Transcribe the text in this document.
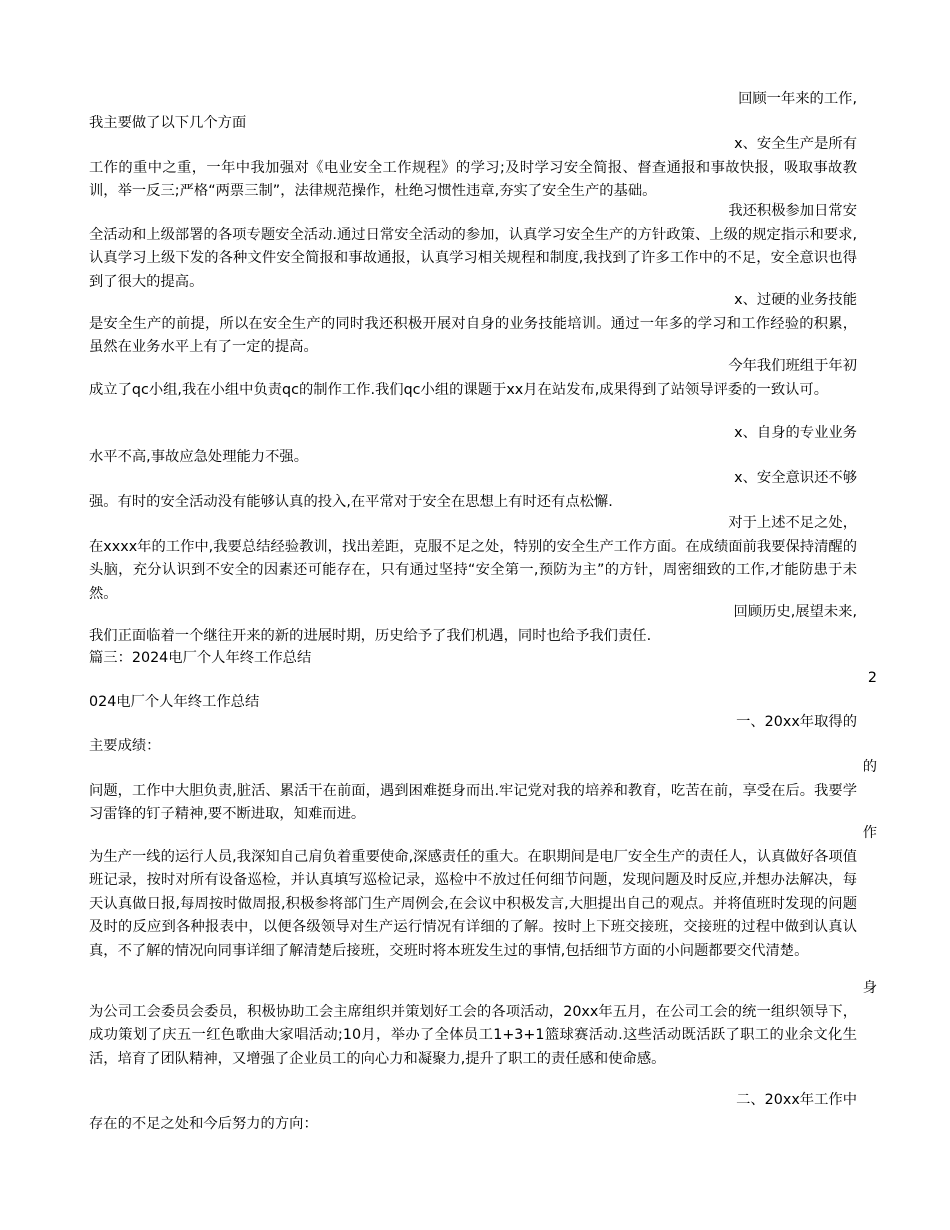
回顾一年来的工作,
我主要做了以下几个方面
x、安全生产是所有
工作的重中之重，一年中我加强对《电业安全工作规程》的学习;及时学习安全简报、督查通报和事故快报，吸取事故教训，举一反三;严格“两票三制”，法律规范操作，杜绝习惯性违章,夯实了安全生产的基础。
我还积极参加日常安
全活动和上级部署的各项专题安全活动.通过日常安全活动的参加，认真学习安全生产的方针政策、上级的规定指示和要求,认真学习上级下发的各种文件安全简报和事故通报，认真学习相关规程和制度,我找到了许多工作中的不足，安全意识也得到了很大的提高。
x、过硬的业务技能
是安全生产的前提，所以在安全生产的同时我还积极开展对自身的业务技能培训。通过一年多的学习和工作经验的积累，虽然在业务水平上有了一定的提高。
今年我们班组于年初
成立了qc小组,我在小组中负责qc的制作工作.我们qc小组的课题于xx月在站发布,成果得到了站领导评委的一致认可。
x、自身的专业业务
水平不高,事故应急处理能力不强。
x、安全意识还不够
强。有时的安全活动没有能够认真的投入,在平常对于安全在思想上有时还有点松懈.
对于上述不足之处，
在xxxx年的工作中,我要总结经验教训，找出差距，克服不足之处，特别的安全生产工作方面。在成绩面前我要保持清醒的头脑，充分认识到不安全的因素还可能存在，只有通过坚持“安全第一,预防为主”的方针，周密细致的工作,才能防患于未然。
回顾历史,展望未来,
我们正面临着一个继往开来的新的进展时期，历史给予了我们机遇，同时也给予我们责任.
篇三：2024电厂个人年终工作总结
2
024电厂个人年终工作总结
一、20xx年取得的
主要成绩：
的
问题，工作中大胆负责,脏活、累活干在前面，遇到困难挺身而出.牢记党对我的培养和教育，吃苦在前，享受在后。我要学习雷锋的钉子精神,要不断进取，知难而进。
作
为生产一线的运行人员,我深知自己肩负着重要使命,深感责任的重大。在职期间是电厂安全生产的责任人，认真做好各项值班记录，按时对所有设备巡检，并认真填写巡检记录，巡检中不放过任何细节问题，发现问题及时反应,并想办法解决，每天认真做日报,每周按时做周报,积极参将部门生产周例会,在会议中积极发言,大胆提出自己的观点。并将值班时发现的问题及时的反应到各种报表中，以便各级领导对生产运行情况有详细的了解。按时上下班交接班，交接班的过程中做到认真认真，不了解的情况向同事详细了解清楚后接班，交班时将本班发生过的事情,包括细节方面的小问题都要交代清楚。
身
为公司工会委员会委员，积极协助工会主席组织并策划好工会的各项活动，20xx年五月，在公司工会的统一组织领导下，成功策划了庆五一红色歌曲大家唱活动;10月，举办了全体员工1+3+1篮球赛活动.这些活动既活跃了职工的业余文化生活，培育了团队精神，又增强了企业员工的向心力和凝聚力,提升了职工的责任感和使命感。
二、20xx年工作中
存在的不足之处和今后努力的方向：
